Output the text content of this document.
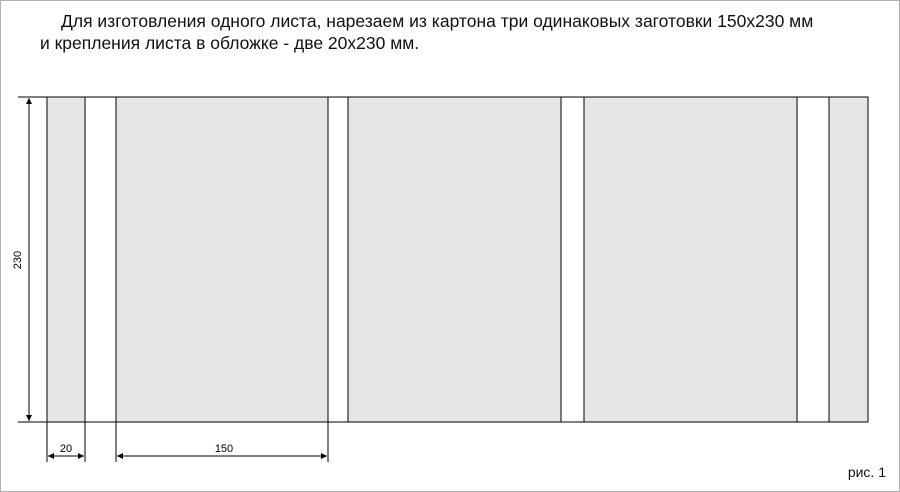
Для изготовления одного листа, нарезаем из картона три одинаковых заготовки 150х230 мм
и крепления листа в обложке - две 20х230 мм.

230
20	150
рис. 1
